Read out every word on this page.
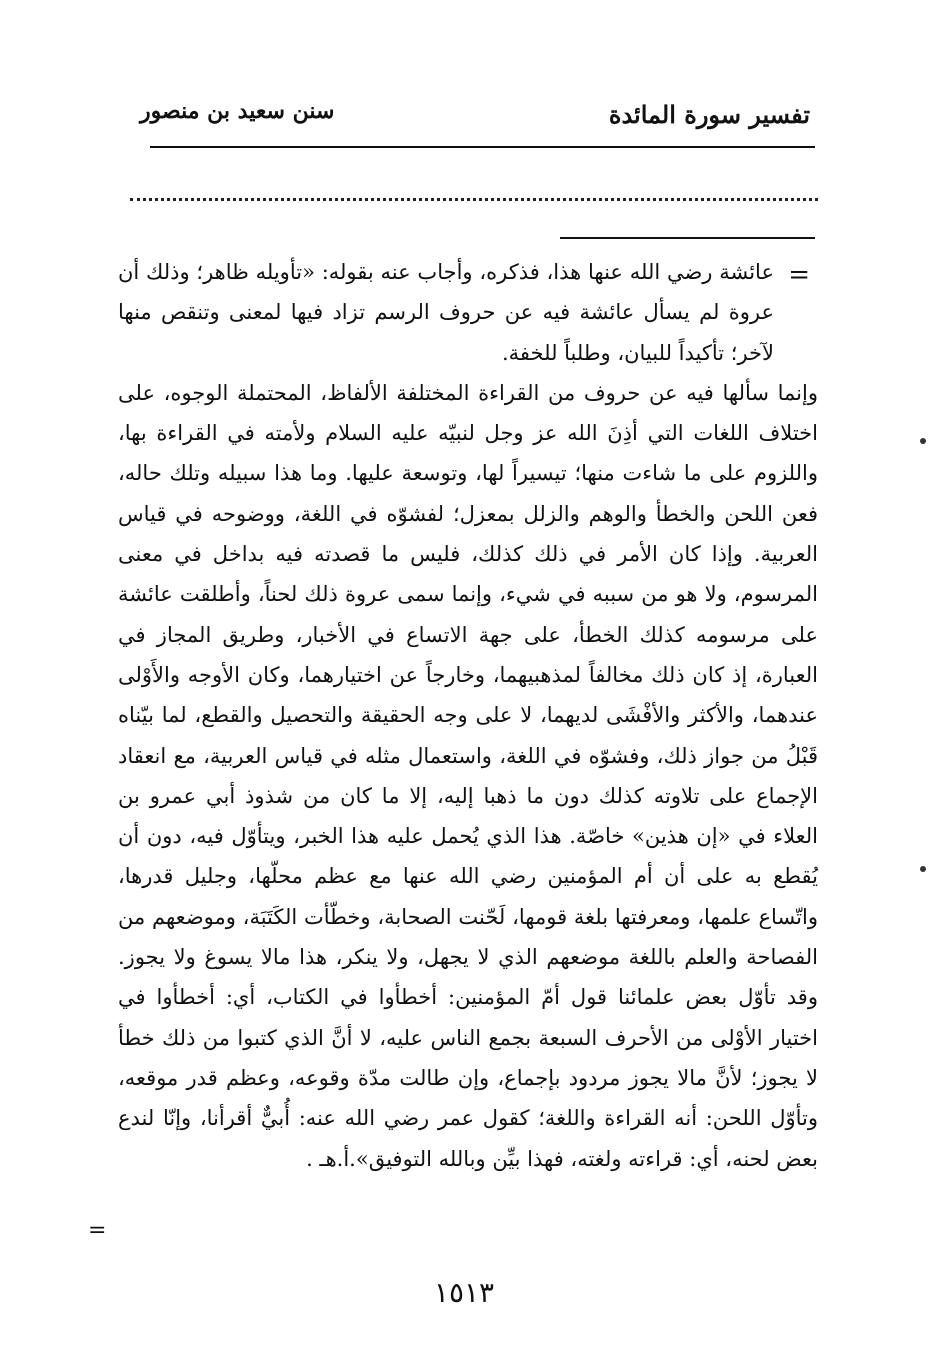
تفسير سورة المائدة
سنن سعيد بن منصور
=

عائشة رضي الله عنها هذا، فذكره، وأجاب عنه بقوله: «تأويله ظاهر؛ وذلك أن عروة لم يسأل عائشة فيه عن حروف الرسم تزاد فيها لمعنى وتنقص منها لآخر؛ تأكيداً للبيان، وطلباً للخفة.

وإنما سألها فيه عن حروف من القراءة المختلفة الألفاظ، المحتملة الوجوه، على اختلاف اللغات التي أذِنَ الله عز وجل لنبيّه عليه السلام ولأمته في القراءة بها، واللزوم على ما شاءت منها؛ تيسيراً لها، وتوسعة عليها. وما هذا سبيله وتلك حاله، فعن اللحن والخطأ والوهم والزلل بمعزل؛ لفشوّه في اللغة، ووضوحه في قياس العربية. وإذا كان الأمر في ذلك كذلك، فليس ما قصدته فيه بداخل في معنى المرسوم، ولا هو من سببه في شيء، وإنما سمى عروة ذلك لحناً، وأطلقت عائشة على مرسومه كذلك الخطأ، على جهة الاتساع في الأخبار، وطريق المجاز في العبارة، إذ كان ذلك مخالفاً لمذهبيهما، وخارجاً عن اختيارهما، وكان الأوجه والأَوْلى عندهما، والأكثر والأفْشَى لديهما، لا على وجه الحقيقة والتحصيل والقطع، لما بيّناه قَبْلُ من جواز ذلك، وفشوّه في اللغة، واستعمال مثله في قياس العربية، مع انعقاد الإجماع على تلاوته كذلك دون ما ذهبا إليه، إلا ما كان من شذوذ أبي عمرو بن العلاء في «إن هذين» خاصّة. هذا الذي يُحمل عليه هذا الخبر، ويتأوّل فيه، دون أن يُقطع به على أن أم المؤمنين رضي الله عنها مع عظم محلّها، وجليل قدرها، واتّساع علمها، ومعرفتها بلغة قومها، لَحّنت الصحابة، وخطّأت الكَتَبَة، وموضعهم من الفصاحة والعلم باللغة موضعهم الذي لا يجهل، ولا ينكر، هذا مالا يسوغ ولا يجوز. وقد تأوّل بعض علمائنا قول أمّ المؤمنين: أخطأوا في الكتاب، أي: أخطأوا في اختيار الأوْلى من الأحرف السبعة بجمع الناس عليه، لا أنَّ الذي كتبوا من ذلك خطأ لا يجوز؛ لأنَّ مالا يجوز مردود بإجماع، وإن طالت مدّة وقوعه، وعظم قدر موقعه، وتأوّل اللحن: أنه القراءة واللغة؛ كقول عمر رضي الله عنه: أُبيٌّ أقرأنا، وإنّا لندع بعض لحنه، أي: قراءته ولغته، فهذا بيِّن وبالله التوفيق».أ.هـ .

=
١٥١٣
